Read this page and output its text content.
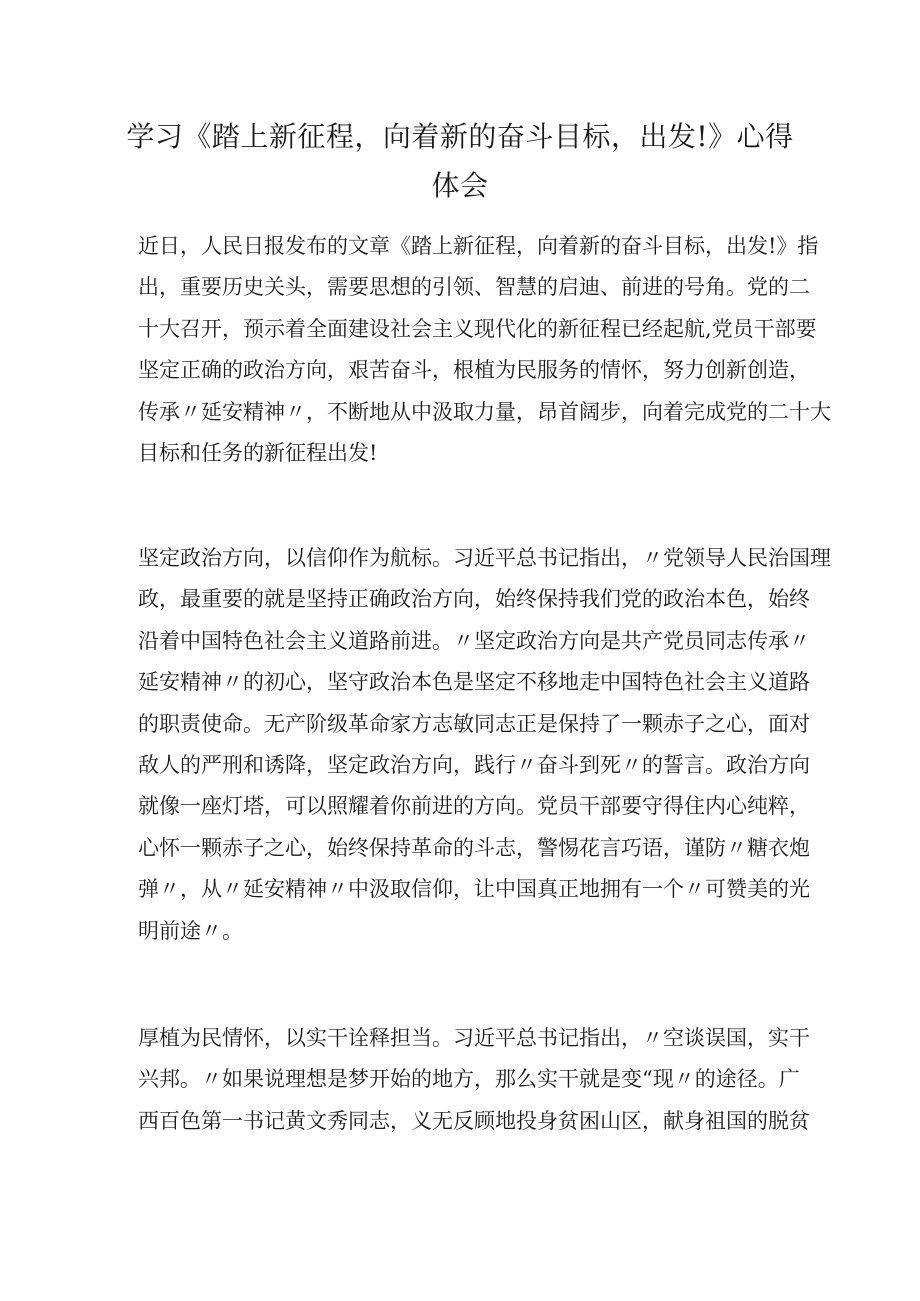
学习《踏上新征程，向着新的奋斗目标，出发!》心得
体会
近日，人民日报发布的文章《踏上新征程，向着新的奋斗目标，出发!》指
出，重要历史关头，需要思想的引领、智慧的启迪、前进的号角。党的二
十大召开，预示着全面建设社会主义现代化的新征程已经起航,党员干部要
坚定正确的政治方向，艰苦奋斗，根植为民服务的情怀，努力创新创造，
传承〃延安精神〃，不断地从中汲取力量，昂首阔步，向着完成党的二十大
目标和任务的新征程出发!
坚定政治方向，以信仰作为航标。习近平总书记指出，〃党领导人民治国理
政，最重要的就是坚持正确政治方向，始终保持我们党的政治本色，始终
沿着中国特色社会主义道路前进。〃坚定政治方向是共产党员同志传承〃
延安精神〃的初心，坚守政治本色是坚定不移地走中国特色社会主义道路
的职责使命。无产阶级革命家方志敏同志正是保持了一颗赤子之心，面对
敌人的严刑和诱降，坚定政治方向，践行〃奋斗到死〃的誓言。政治方向
就像一座灯塔，可以照耀着你前进的方向。党员干部要守得住内心纯粹，
心怀一颗赤子之心，始终保持革命的斗志，警惕花言巧语，谨防〃糖衣炮
弹〃，从〃延安精神〃中汲取信仰，让中国真正地拥有一个〃可赞美的光
明前途〃。
厚植为民情怀，以实干诠释担当。习近平总书记指出，〃空谈误国，实干
兴邦。〃如果说理想是梦开始的地方，那么实干就是变“现〃的途径。广
西百色第一书记黄文秀同志，义无反顾地投身贫困山区，献身祖国的脱贫
